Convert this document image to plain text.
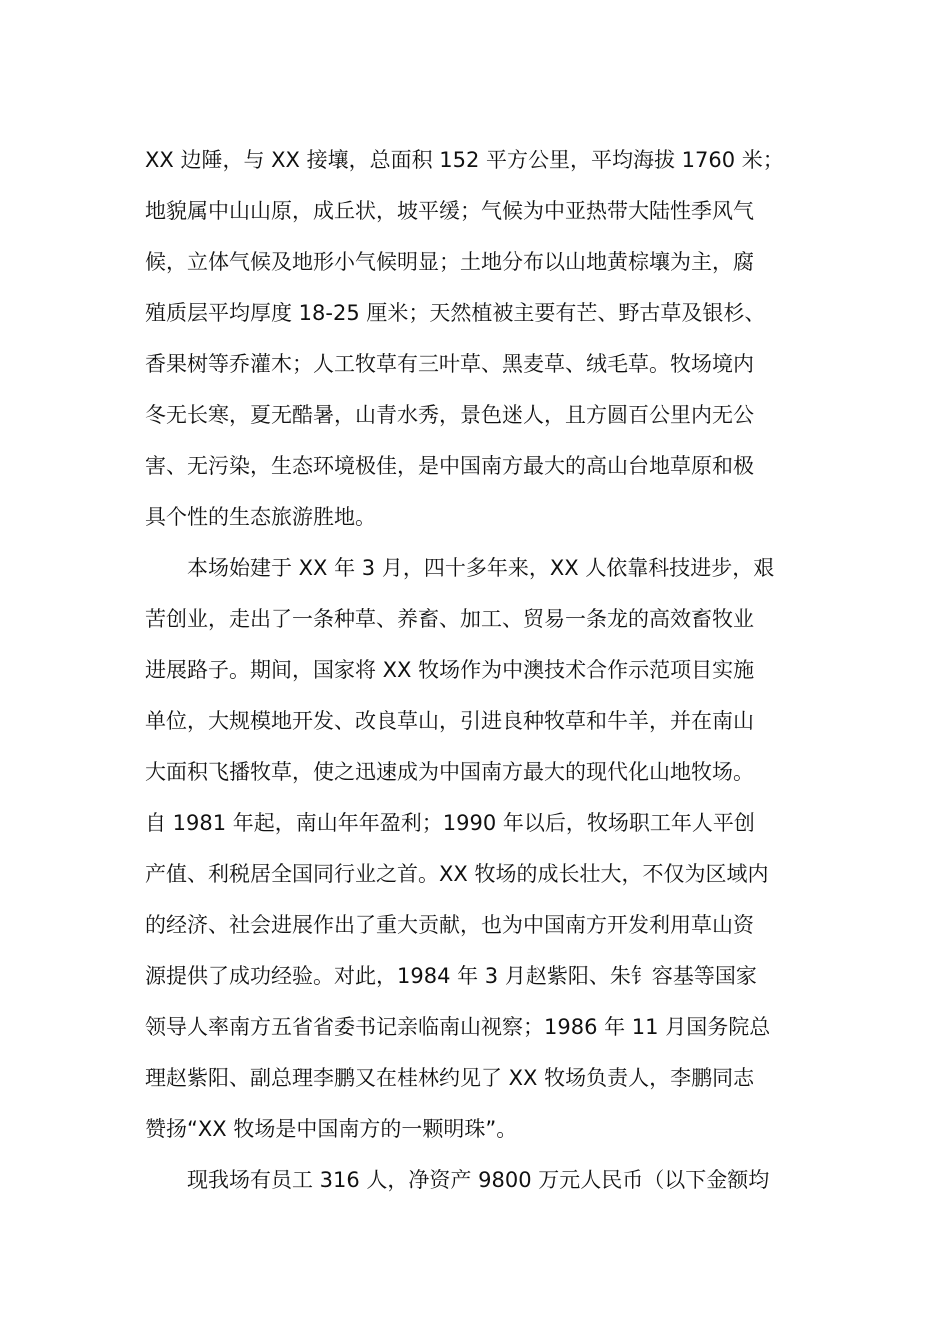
XX 边陲，与 XX 接壤，总面积 152 平方公里，平均海拔 1760 米；
地貌属中山山原，成丘状，坡平缓；气候为中亚热带大陆性季风气
候，立体气候及地形小气候明显；土地分布以山地黄棕壤为主，腐
殖质层平均厚度 18-25 厘米；天然植被主要有芒、野古草及银杉、
香果树等乔灌木；人工牧草有三叶草、黑麦草、绒毛草。牧场境内
冬无长寒，夏无酷暑，山青水秀，景色迷人，且方圆百公里内无公
害、无污染，生态环境极佳，是中国南方最大的高山台地草原和极
具个性的生态旅游胜地。
　　本场始建于 XX 年 3 月，四十多年来，XX 人依靠科技进步，艰
苦创业，走出了一条种草、养畜、加工、贸易一条龙的高效畜牧业
进展路子。期间，国家将 XX 牧场作为中澳技术合作示范项目实施
单位，大规模地开发、改良草山，引进良种牧草和牛羊，并在南山
大面积飞播牧草，使之迅速成为中国南方最大的现代化山地牧场。
自 1981 年起，南山年年盈利；1990 年以后，牧场职工年人平创
产值、利税居全国同行业之首。XX 牧场的成长壮大，不仅为区域内
的经济、社会进展作出了重大贡献，也为中国南方开发利用草山资
源提供了成功经验。对此，1984 年 3 月赵紫阳、朱钅容基等国家
领导人率南方五省省委书记亲临南山视察；1986 年 11 月国务院总
理赵紫阳、副总理李鹏又在桂林约见了 XX 牧场负责人，李鹏同志
赞扬“XX 牧场是中国南方的一颗明珠”。
　　现我场有员工 316 人，净资产 9800 万元人民币（以下金额均
